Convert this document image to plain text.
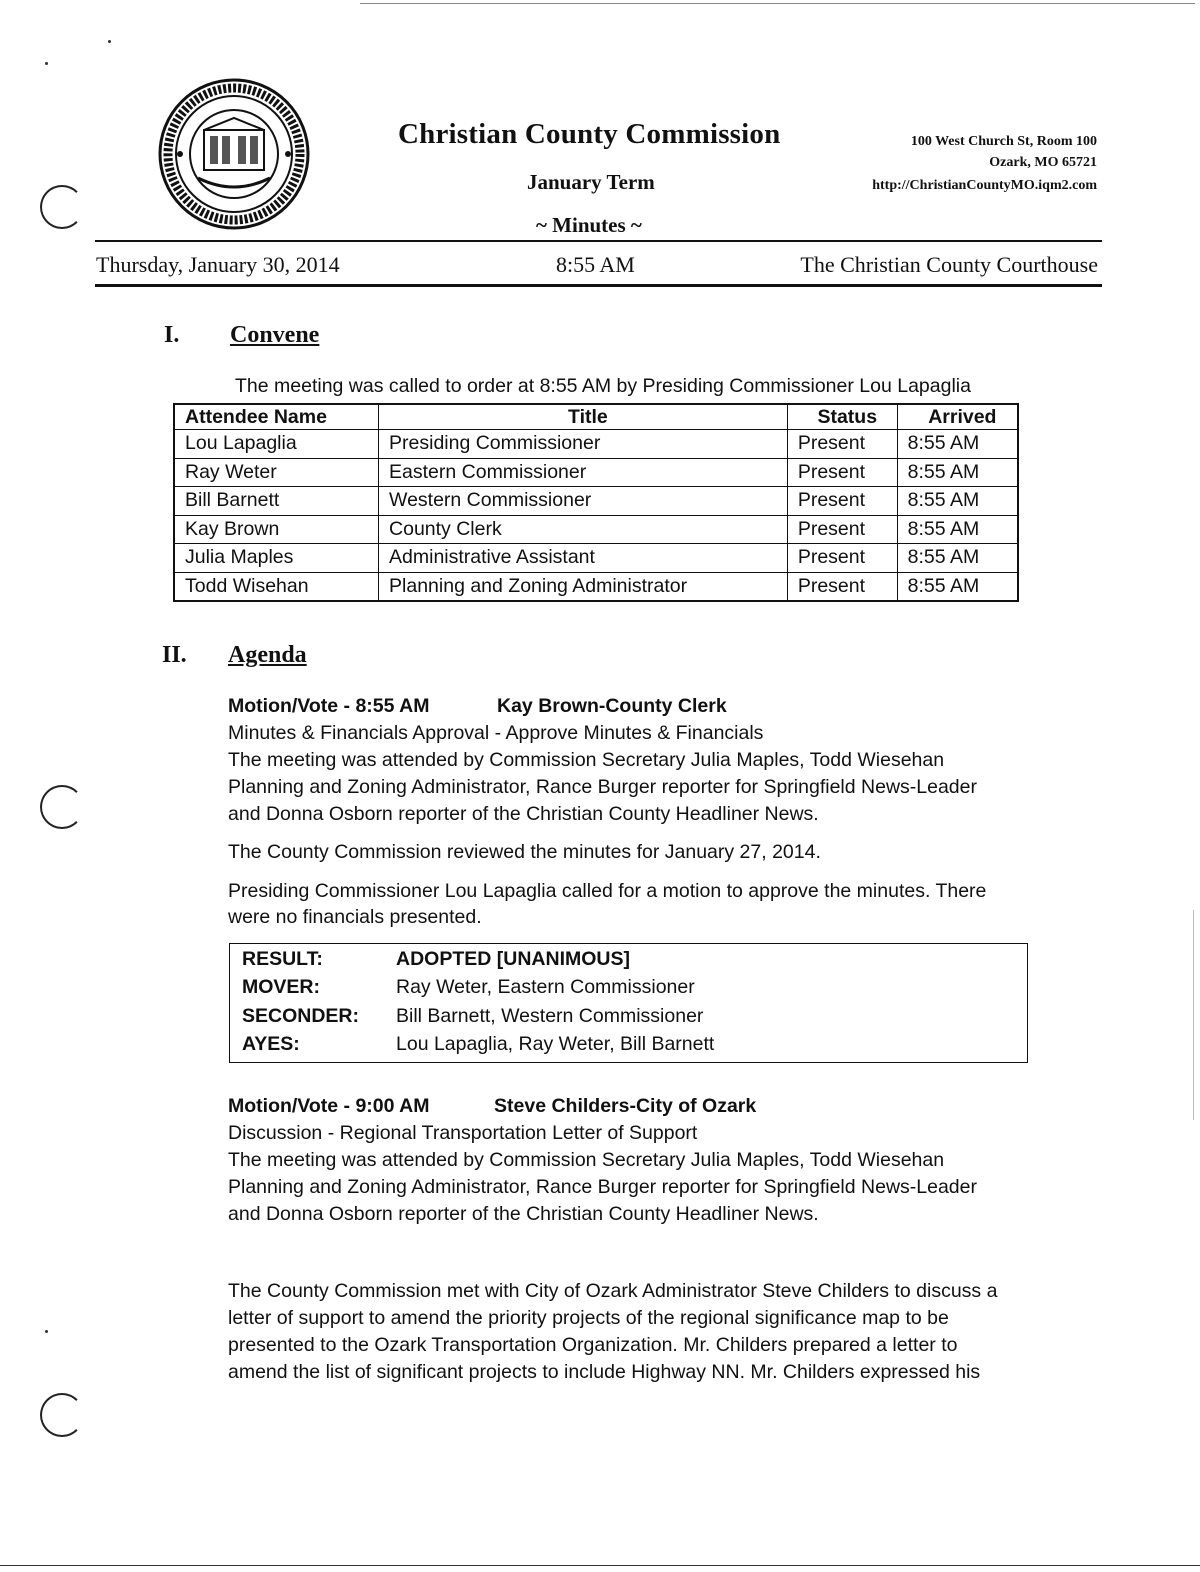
Christian County Commission
January Term
~ Minutes ~
100 West Church St, Room 100
Ozark, MO 65721
http://ChristianCountyMO.iqm2.com
Thursday, January 30, 2014	8:55 AM	The Christian County Courthouse
I. Convene
The meeting was called to order at 8:55 AM by Presiding Commissioner Lou Lapaglia
Attendee Name	Title	Status	Arrived
Lou Lapaglia	Presiding Commissioner	Present	8:55 AM
Ray Weter	Eastern Commissioner	Present	8:55 AM
Bill Barnett	Western Commissioner	Present	8:55 AM
Kay Brown	County Clerk	Present	8:55 AM
Julia Maples	Administrative Assistant	Present	8:55 AM
Todd Wisehan	Planning and Zoning Administrator	Present	8:55 AM
II. Agenda
Motion/Vote - 8:55 AM	Kay Brown-County Clerk
Minutes & Financials Approval - Approve Minutes & Financials
The meeting was attended by Commission Secretary Julia Maples, Todd Wiesehan
Planning and Zoning Administrator, Rance Burger reporter for Springfield News-Leader
and Donna Osborn reporter of the Christian County Headliner News.
The County Commission reviewed the minutes for January 27, 2014.
Presiding Commissioner Lou Lapaglia called for a motion to approve the minutes. There
were no financials presented.
RESULT:	ADOPTED [UNANIMOUS]
MOVER:	Ray Weter, Eastern Commissioner
SECONDER: Bill Barnett, Western Commissioner
AYES:	Lou Lapaglia, Ray Weter, Bill Barnett
Motion/Vote - 9:00 AM	Steve Childers-City of Ozark
Discussion - Regional Transportation Letter of Support
The meeting was attended by Commission Secretary Julia Maples, Todd Wiesehan
Planning and Zoning Administrator, Rance Burger reporter for Springfield News-Leader
and Donna Osborn reporter of the Christian County Headliner News.
The County Commission met with City of Ozark Administrator Steve Childers to discuss a
letter of support to amend the priority projects of the regional significance map to be
presented to the Ozark Transportation Organization. Mr. Childers prepared a letter to
amend the list of significant projects to include Highway NN. Mr. Childers expressed his
